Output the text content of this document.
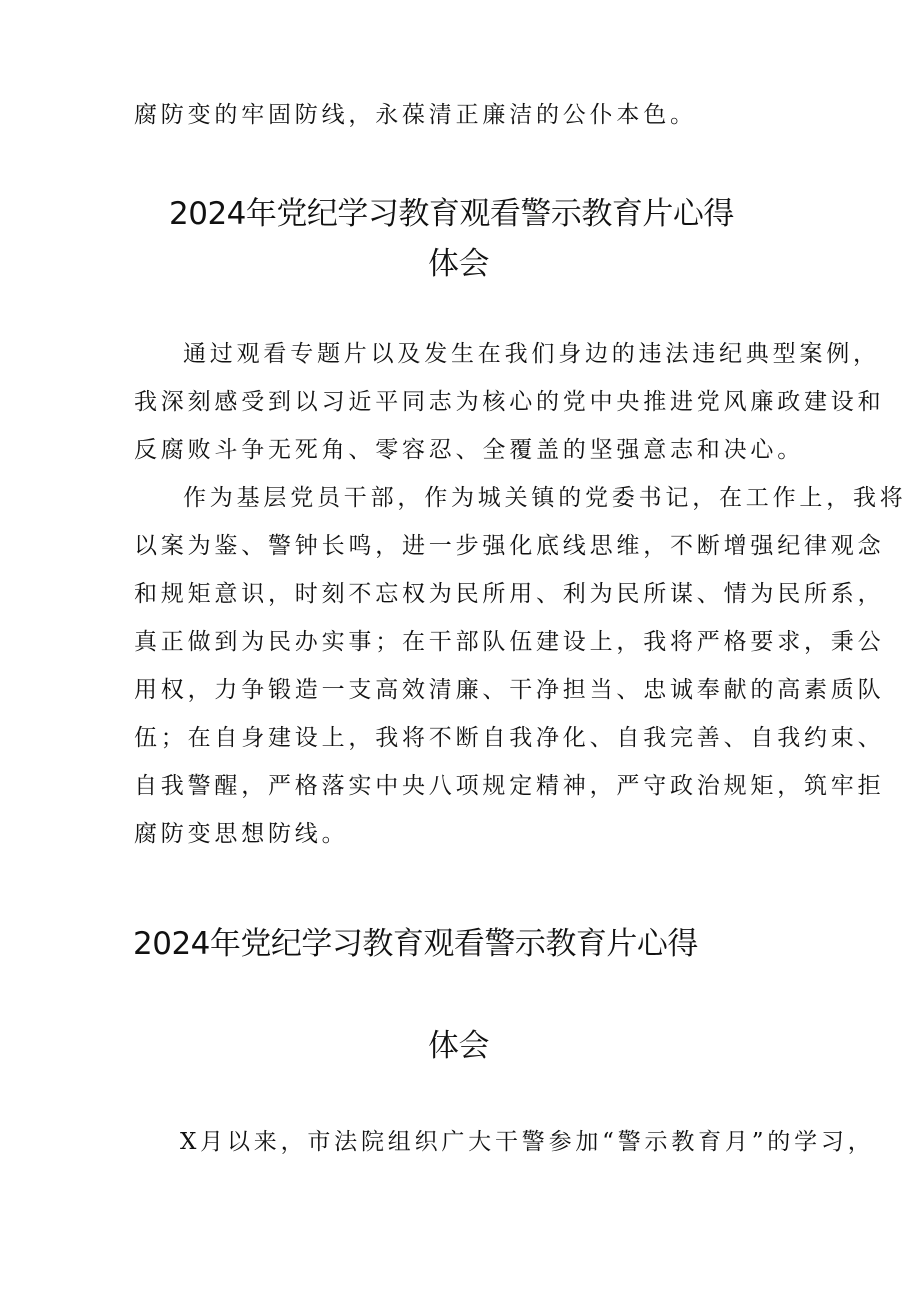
腐防变的牢固防线，永葆清正廉洁的公仆本色。
2024年党纪学习教育观看警示教育片心得
体会
通过观看专题片以及发生在我们身边的违法违纪典型案例，
我深刻感受到以习近平同志为核心的党中央推进党风廉政建设和
反腐败斗争无死角、零容忍、全覆盖的坚强意志和决心。
作为基层党员干部，作为城关镇的党委书记，在工作上，我将
以案为鉴、警钟长鸣，进一步强化底线思维，不断增强纪律观念
和规矩意识，时刻不忘权为民所用、利为民所谋、情为民所系，
真正做到为民办实事；在干部队伍建设上，我将严格要求，秉公
用权，力争锻造一支高效清廉、干净担当、忠诚奉献的高素质队
伍；在自身建设上，我将不断自我净化、自我完善、自我约束、
自我警醒，严格落实中央八项规定精神，严守政治规矩，筑牢拒
腐防变思想防线。
2024年党纪学习教育观看警示教育片心得
体会
X月以来，市法院组织广大干警参加“警示教育月”的学习，
